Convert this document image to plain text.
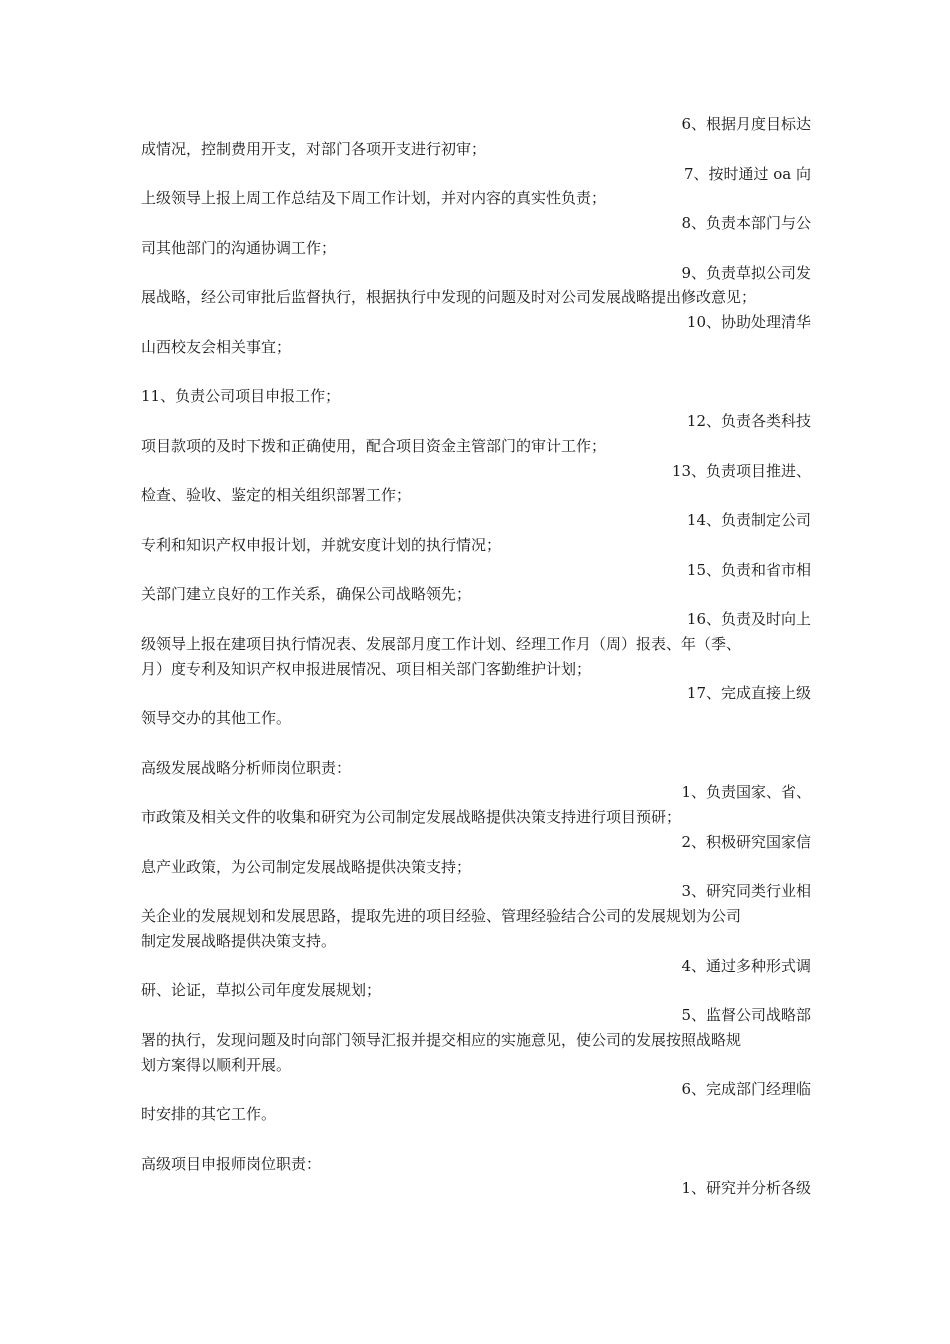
6、根据月度目标达
成情况，控制费用开支，对部门各项开支进行初审；
7、按时通过 oa 向
上级领导上报上周工作总结及下周工作计划，并对内容的真实性负责；
8、负责本部门与公
司其他部门的沟通协调工作；
9、负责草拟公司发
展战略，经公司审批后监督执行，根据执行中发现的问题及时对公司发展战略提出修改意见；
10、协助处理清华
山西校友会相关事宜；
11、负责公司项目申报工作；
12、负责各类科技
项目款项的及时下拨和正确使用，配合项目资金主管部门的审计工作；
13、负责项目推进、
检查、验收、鉴定的相关组织部署工作；
14、负责制定公司
专利和知识产权申报计划，并就安度计划的执行情况；
15、负责和省市相
关部门建立良好的工作关系，确保公司战略领先；
16、负责及时向上
级领导上报在建项目执行情况表、发展部月度工作计划、经理工作月（周）报表、年（季、
月）度专利及知识产权申报进展情况、项目相关部门客勤维护计划；
17、完成直接上级
领导交办的其他工作。
高级发展战略分析师岗位职责：
1、负责国家、省、
市政策及相关文件的收集和研究为公司制定发展战略提供决策支持进行项目预研；
2、积极研究国家信
息产业政策，为公司制定发展战略提供决策支持；
3、研究同类行业相
关企业的发展规划和发展思路，提取先进的项目经验、管理经验结合公司的发展规划为公司
制定发展战略提供决策支持。
4、通过多种形式调
研、论证，草拟公司年度发展规划；
5、监督公司战略部
署的执行，发现问题及时向部门领导汇报并提交相应的实施意见，使公司的发展按照战略规
划方案得以顺利开展。
6、完成部门经理临
时安排的其它工作。
高级项目申报师岗位职责：
1、研究并分析各级
